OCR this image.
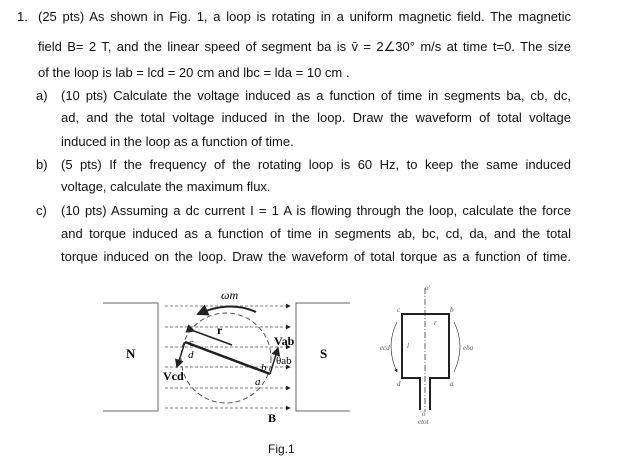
1. (25 pts) As shown in Fig. 1, a loop is rotating in a uniform magnetic field. The magnetic
field B= 2 T, and the linear speed of segment ba is v̄ = 2∠30° m/s at time t=0. The size
of the loop is lab = lcd = 20 cm and lbc = lda = 10 cm .
a) (10 pts) Calculate the voltage induced as a function of time in segments ba, cb, dc,
ad, and the total voltage induced in the loop. Draw the waveform of total voltage
induced in the loop as a function of time.
b) (5 pts) If the frequency of the rotating loop is 60 Hz, to keep the same induced
voltage, calculate the maximum flux.
c) (10 pts) Assuming a dc current I = 1 A is flowing through the loop, calculate the force
and torque induced as a function of time in segments ab, bc, cd, da, and the total
torque induced on the loop. Draw the waveform of total torque as a function of time.
N	S
ωm
r
c
d
b
a
Vab
Vcd
θab
B
o'
c	b
d	a
r
l
ecd	eba
o
etot
Fig.1
